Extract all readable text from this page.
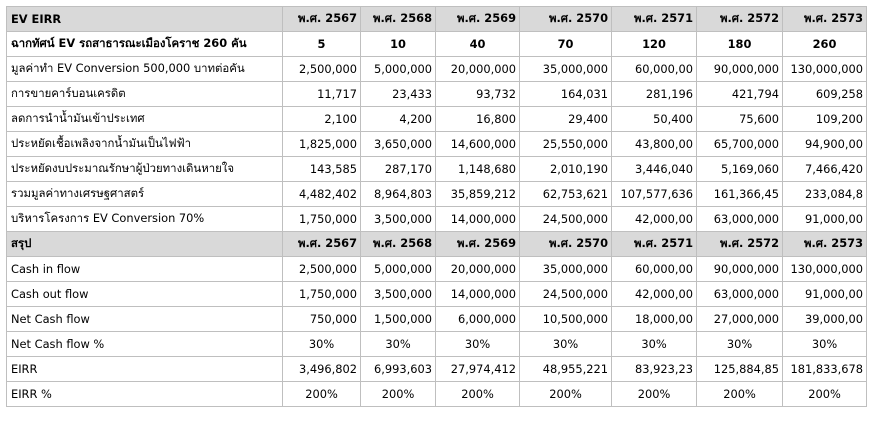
EV EIRR	พ.ศ. 2567	พ.ศ. 2568	พ.ศ. 2569	พ.ศ. 2570	พ.ศ. 2571	พ.ศ. 2572	พ.ศ. 2573
ฉากทัศน์ EV รถสาธารณะเมืองโคราช 260 คัน	5	10	40	70	120	180	260
มูลค่าทำ EV Conversion 500,000 บาทต่อคัน	2,500,000	5,000,000	20,000,000	35,000,000	60,000,00	90,000,000	130,000,000
การขายคาร์บอนเครดิต	11,717	23,433	93,732	164,031	281,196	421,794	609,258
ลดการนำน้ำมันเข้าประเทศ	2,100	4,200	16,800	29,400	50,400	75,600	109,200
ประหยัดเชื้อเพลิงจากน้ำมันเป็นไฟฟ้า	1,825,000	3,650,000	14,600,000	25,550,000	43,800,00	65,700,000	94,900,00
ประหยัดงบประมาณรักษาผู้ป่วยทางเดินหายใจ	143,585	287,170	1,148,680	2,010,190	3,446,040	5,169,060	7,466,420
รวมมูลค่าทางเศรษฐศาสตร์	4,482,402	8,964,803	35,859,212	62,753,621	107,577,636	161,366,45	233,084,8
บริหารโครงการ EV Conversion 70%	1,750,000	3,500,000	14,000,000	24,500,000	42,000,00	63,000,000	91,000,00
สรุป	พ.ศ. 2567	พ.ศ. 2568	พ.ศ. 2569	พ.ศ. 2570	พ.ศ. 2571	พ.ศ. 2572	พ.ศ. 2573
Cash in flow	2,500,000	5,000,000	20,000,000	35,000,000	60,000,00	90,000,000	130,000,000
Cash out flow	1,750,000	3,500,000	14,000,000	24,500,000	42,000,00	63,000,000	91,000,00
Net Cash flow	750,000	1,500,000	6,000,000	10,500,000	18,000,00	27,000,000	39,000,00
Net Cash flow %	30%	30%	30%	30%	30%	30%	30%
EIRR	3,496,802	6,993,603	27,974,412	48,955,221	83,923,23	125,884,85	181,833,678
EIRR %	200%	200%	200%	200%	200%	200%	200%
